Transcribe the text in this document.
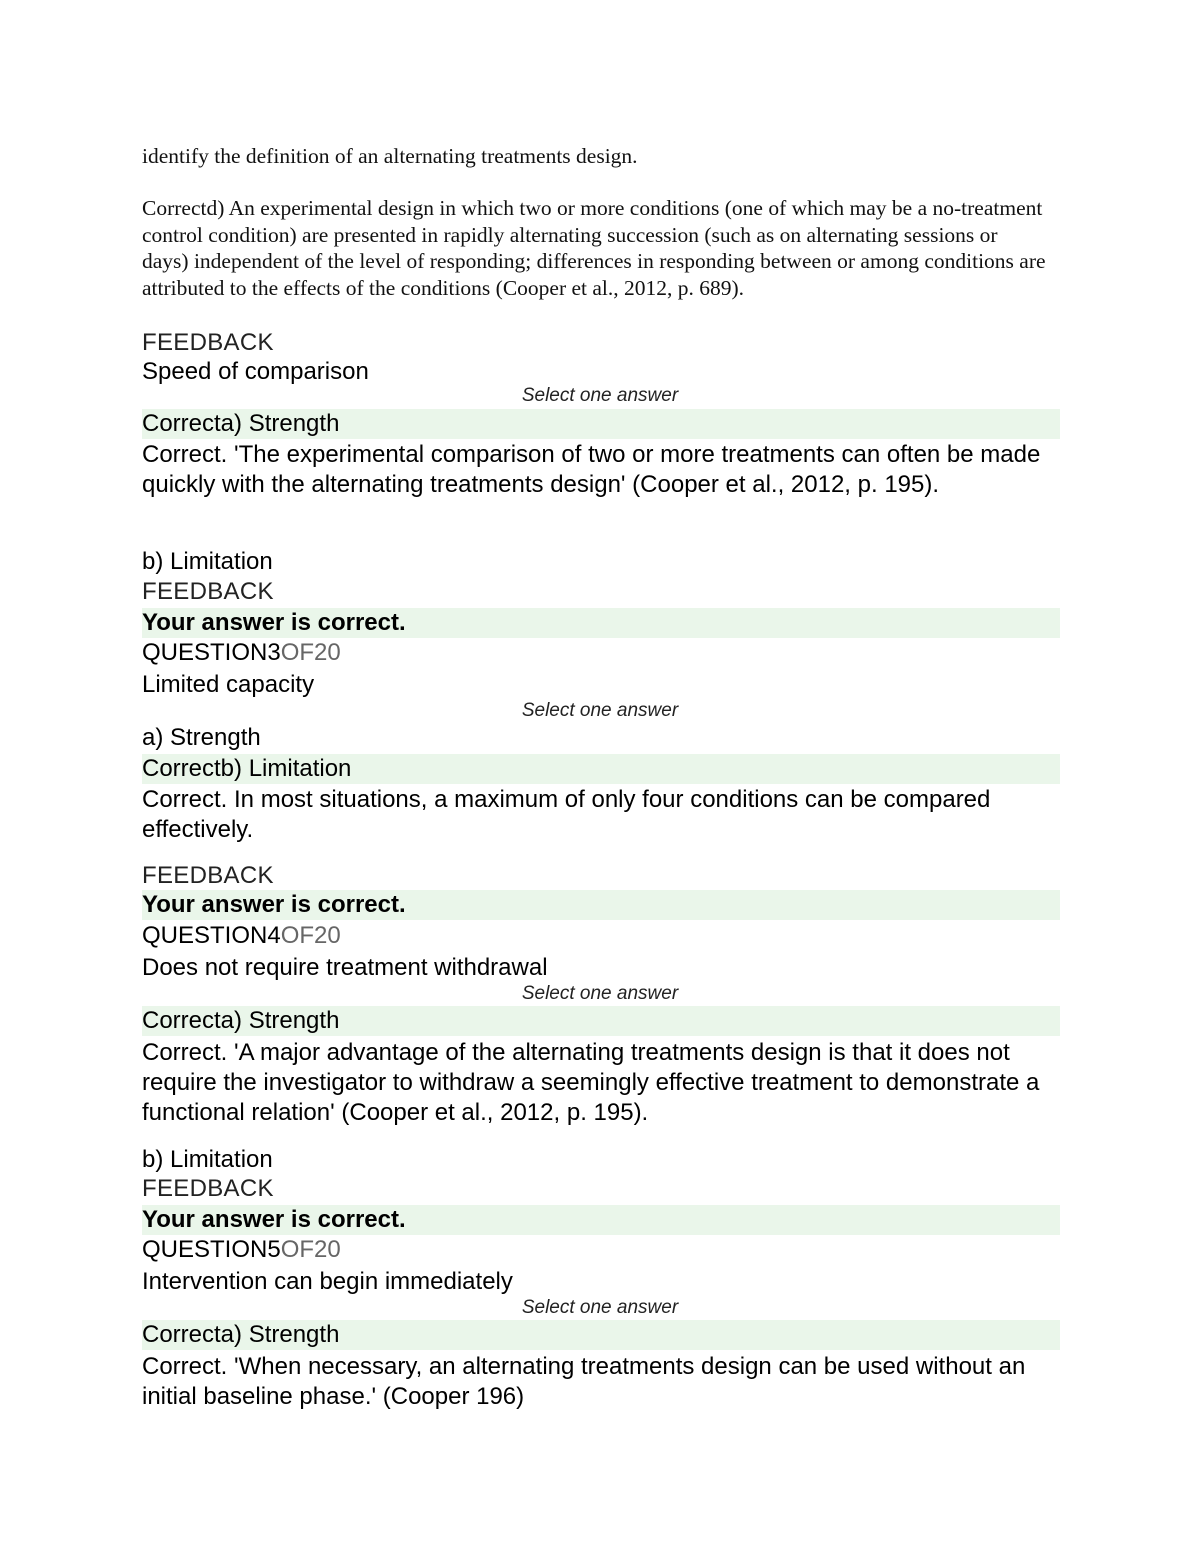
identify the definition of an alternating treatments design.
Correctd) An experimental design in which two or more conditions (one of which may be a no-treatment control condition) are presented in rapidly alternating succession (such as on alternating sessions or days) independent of the level of responding; differences in responding between or among conditions are attributed to the effects of the conditions (Cooper et al., 2012, p. 689).
FEEDBACK
Speed of comparison
Select one answer
Correcta) Strength
Correct. 'The experimental comparison of two or more treatments can often be made quickly with the alternating treatments design' (Cooper et al., 2012, p. 195).
b) Limitation
FEEDBACK
Your answer is correct.
QUESTION3OF20
Limited capacity
Select one answer
a) Strength
Correctb) Limitation
Correct. In most situations, a maximum of only four conditions can be compared effectively.
FEEDBACK
Your answer is correct.
QUESTION4OF20
Does not require treatment withdrawal
Select one answer
Correcta) Strength
Correct. 'A major advantage of the alternating treatments design is that it does not require the investigator to withdraw a seemingly effective treatment to demonstrate a functional relation' (Cooper et al., 2012, p. 195).
b) Limitation
FEEDBACK
Your answer is correct.
QUESTION5OF20
Intervention can begin immediately
Select one answer
Correcta) Strength
Correct. 'When necessary, an alternating treatments design can be used without an initial baseline phase.' (Cooper 196)
